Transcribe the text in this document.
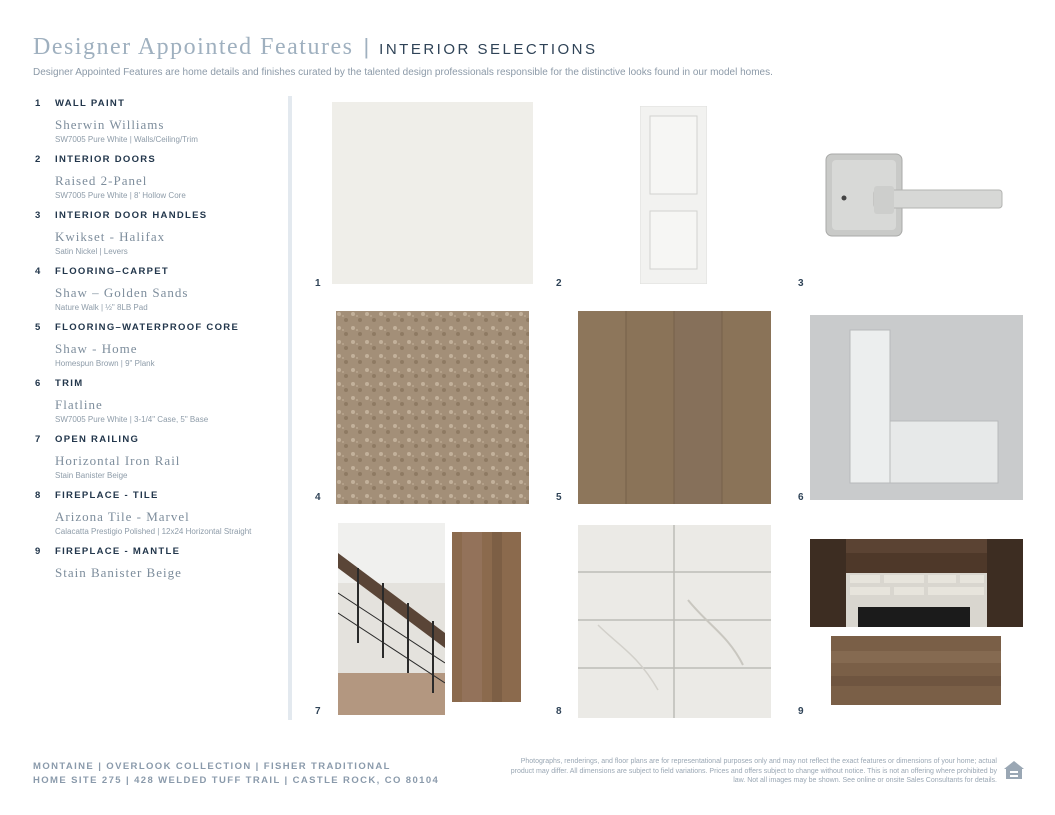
Designer Appointed Features | INTERIOR SELECTIONS
Designer Appointed Features are home details and finishes curated by the talented design professionals responsible for the distinctive looks found in our model homes.
1	WALL PAINT
Sherwin Williams
SW7005 Pure White | Walls/Ceiling/Trim
2	INTERIOR DOORS
Raised 2-Panel
SW7005 Pure White | 8' Hollow Core
3	INTERIOR DOOR HANDLES
Kwikset - Halifax
Satin Nickel | Levers
4	FLOORING–CARPET
Shaw – Golden Sands
Nature Walk | ½" 8LB Pad
5	FLOORING–WATERPROOF CORE
Shaw - Home
Homespun Brown | 9" Plank
6	TRIM
Flatline
SW7005 Pure White | 3-1/4" Case, 5" Base
7	OPEN RAILING
Horizontal Iron Rail
Stain Banister Beige
8	FIREPLACE - TILE
Arizona Tile - Marvel
Calacatta Prestigio Polished | 12x24 Horizontal Straight
9	FIREPLACE - MANTLE
Stain Banister Beige
1	2	3
4	5	6
7	8	9
MONTAINE | OVERLOOK COLLECTION | FISHER TRADITIONAL
HOME SITE 275 | 428 WELDED TUFF TRAIL | CASTLE ROCK, CO 80104
Photographs, renderings, and floor plans are for representational purposes only and may not reflect the exact features or dimensions of your home; actual product may differ. All dimensions are subject to field variations. Prices and offers subject to change without notice. This is not an offering where prohibited by law. Not all images may be shown. See online or onsite Sales Consultants for details.
